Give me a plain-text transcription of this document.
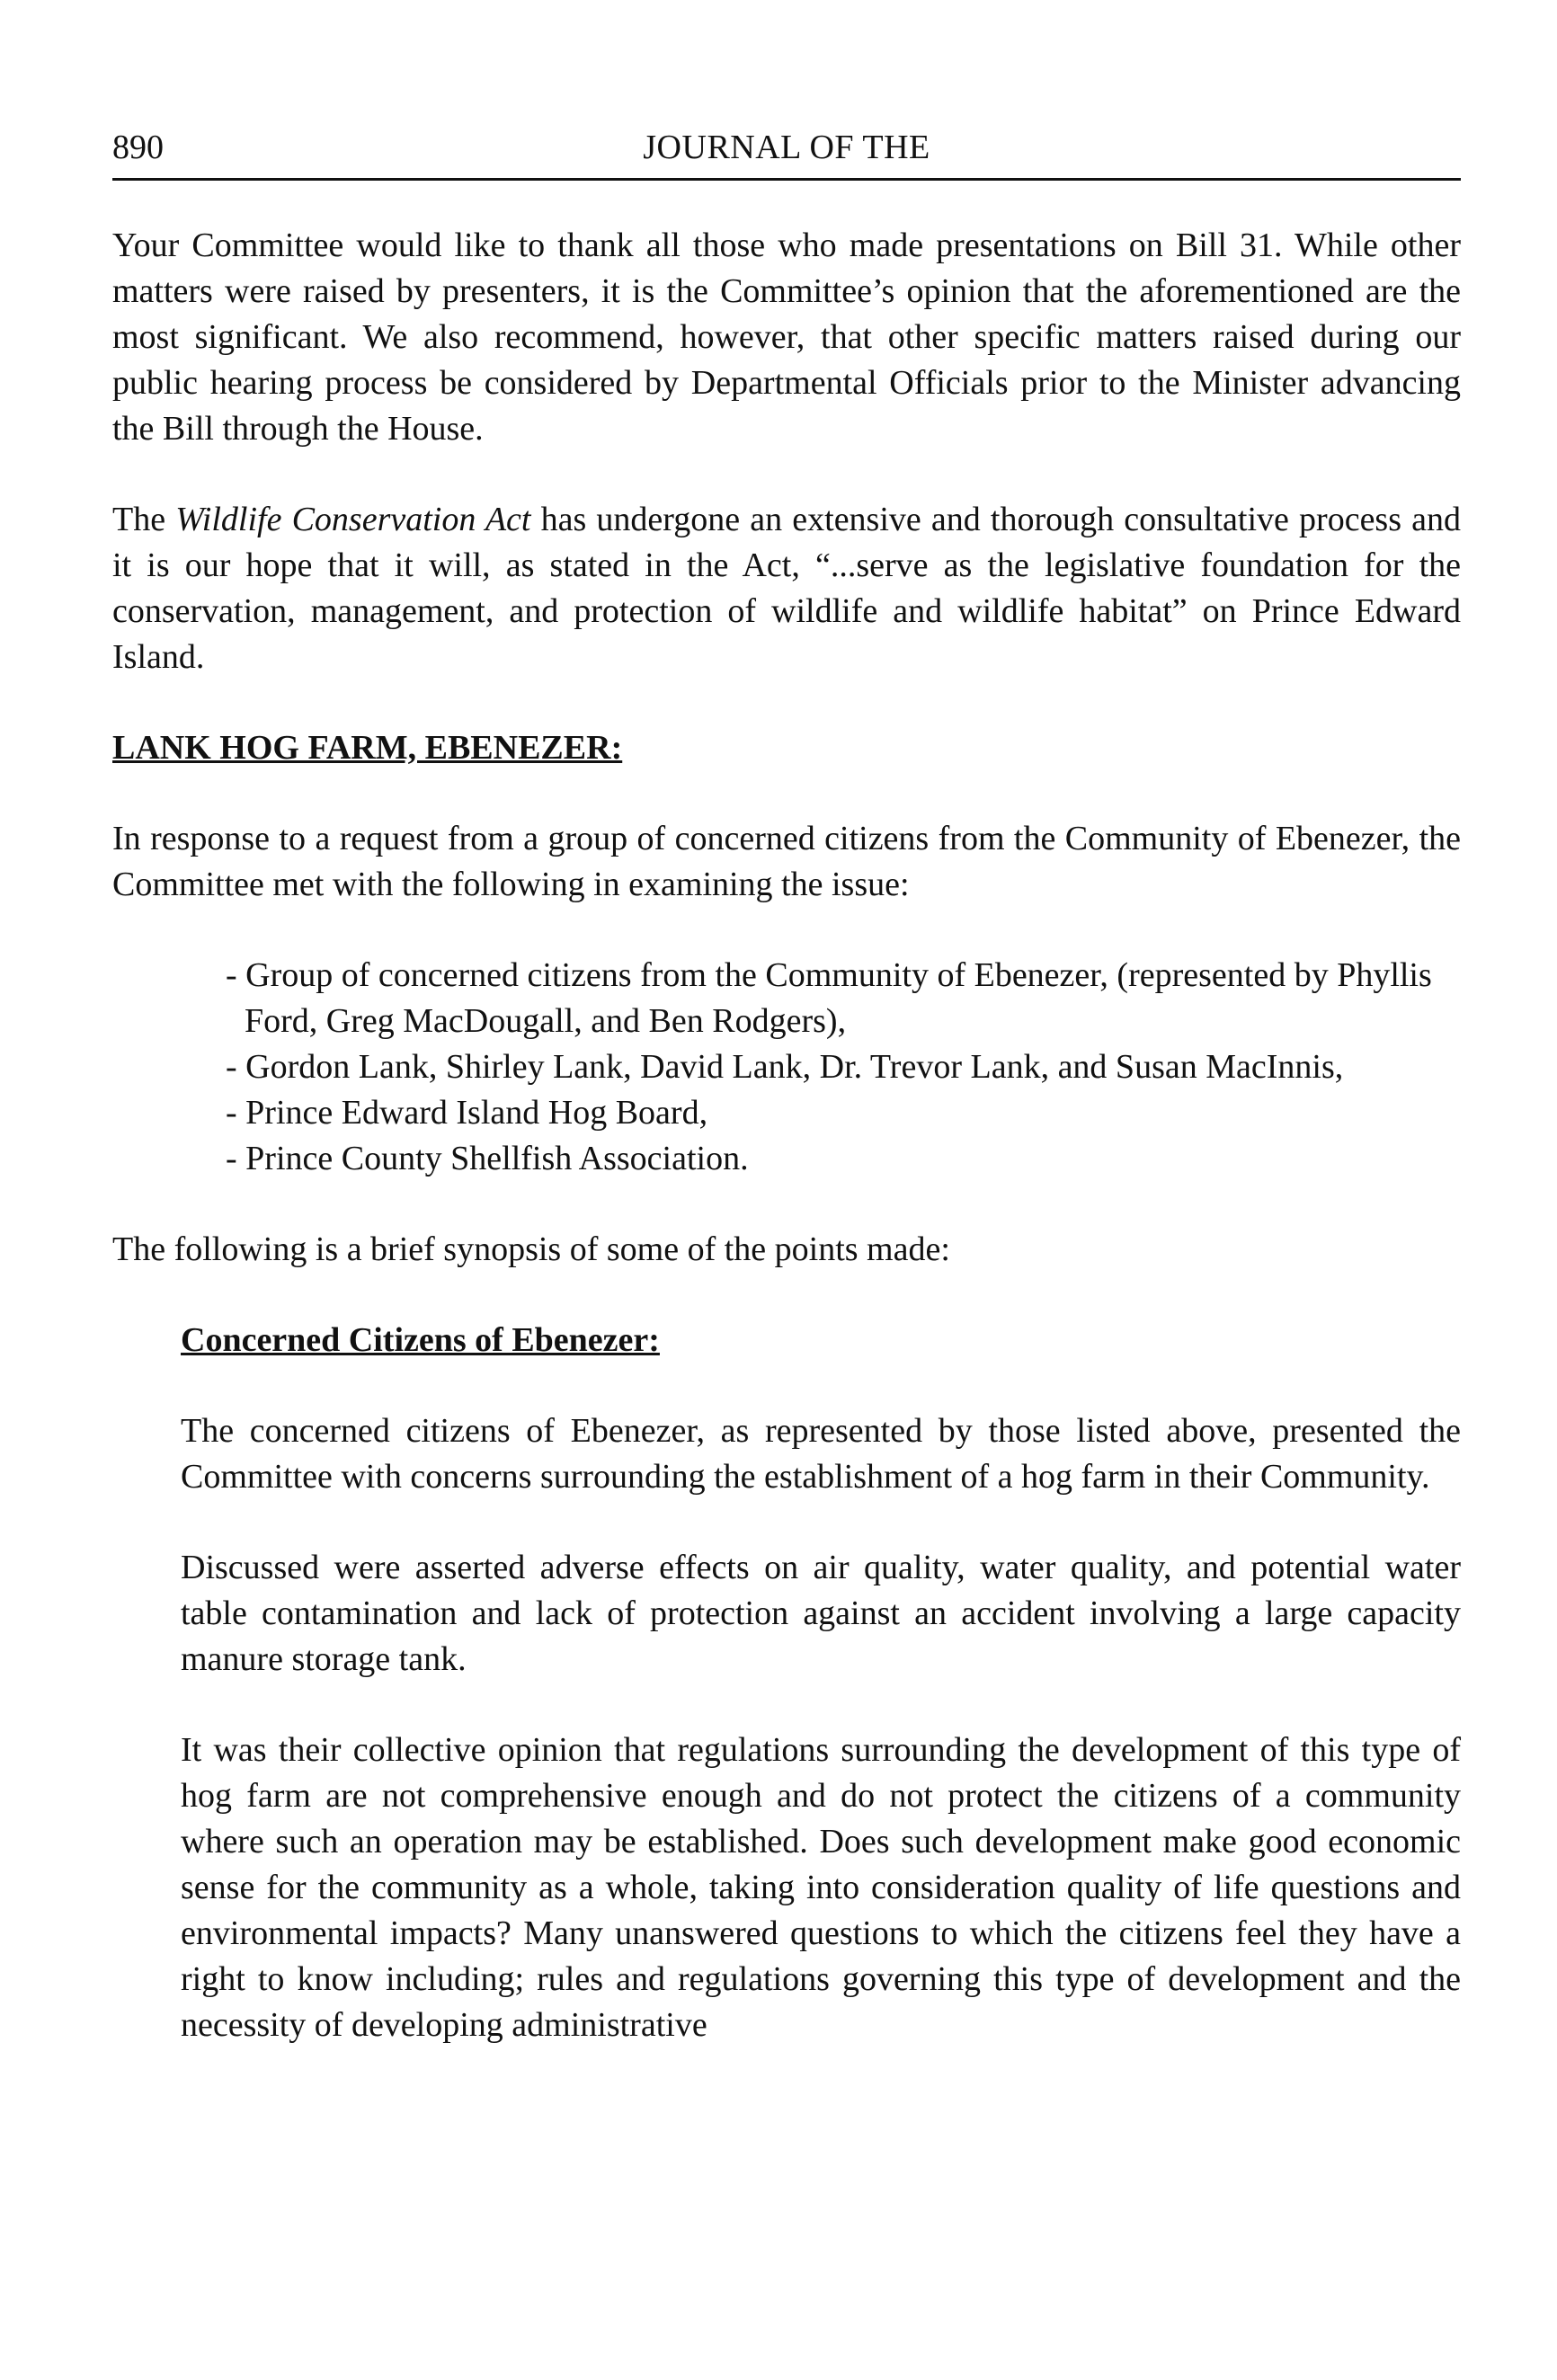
890	JOURNAL OF THE

Your Committee would like to thank all those who made presentations on Bill 31. While other matters were raised by presenters, it is the Committee’s opinion that the aforementioned are the most significant. We also recommend, however, that other specific matters raised during our public hearing process be considered by Departmental Officials prior to the Minister advancing the Bill through the House.

The Wildlife Conservation Act has undergone an extensive and thorough consultative process and it is our hope that it will, as stated in the Act, “...serve as the legislative foundation for the conservation, management, and protection of wildlife and wildlife habitat” on Prince Edward Island.

LANK HOG FARM, EBENEZER:

In response to a request from a group of concerned citizens from the Community of Ebenezer, the Committee met with the following in examining the issue:

- Group of concerned citizens from the Community of Ebenezer, (represented by Phyllis Ford, Greg MacDougall, and Ben Rodgers),
- Gordon Lank, Shirley Lank, David Lank, Dr. Trevor Lank, and Susan MacInnis,
- Prince Edward Island Hog Board,
- Prince County Shellfish Association.

The following is a brief synopsis of some of the points made:

Concerned Citizens of Ebenezer:

The concerned citizens of Ebenezer, as represented by those listed above, presented the Committee with concerns surrounding the establishment of a hog farm in their Community.

Discussed were asserted adverse effects on air quality, water quality, and potential water table contamination and lack of protection against an accident involving a large capacity manure storage tank.

It was their collective opinion that regulations surrounding the development of this type of hog farm are not comprehensive enough and do not protect the citizens of a community where such an operation may be established. Does such development make good economic sense for the community as a whole, taking into consideration quality of life questions and environmental impacts? Many unanswered questions to which the citizens feel they have a right to know including; rules and regulations governing this type of development and the necessity of developing administrative
